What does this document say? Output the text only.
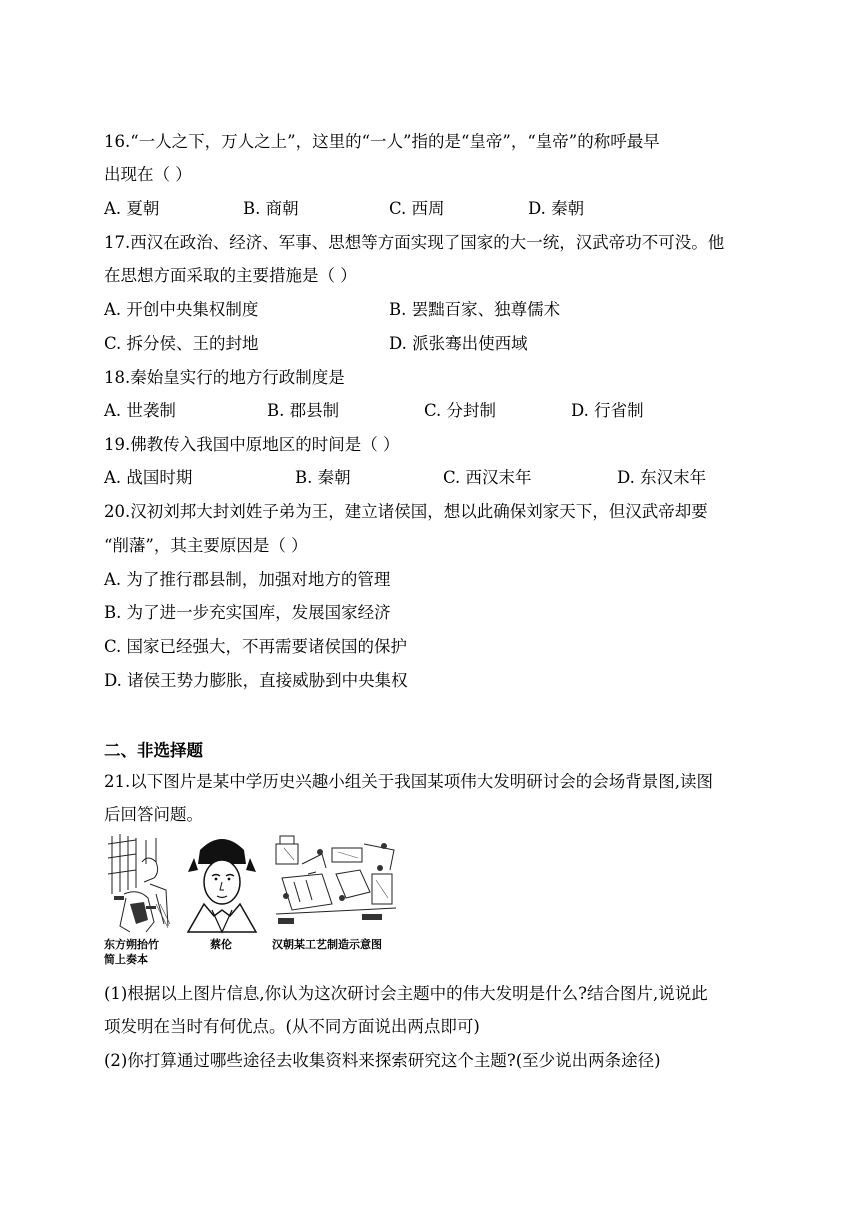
16.“一人之下，万人之上”，这里的“一人”指的是“皇帝”，“皇帝”的称呼最早
出现在（ ）
A. 夏朝	B. 商朝	C. 西周	D. 秦朝
17.西汉在政治、经济、军事、思想等方面实现了国家的大一统，汉武帝功不可没。他
在思想方面采取的主要措施是（ ）
A. 开创中央集权制度	B. 罢黜百家、独尊儒术
C. 拆分侯、王的封地	D. 派张骞出使西域
18.秦始皇实行的地方行政制度是
A. 世袭制	B. 郡县制	C. 分封制	D. 行省制
19.佛教传入我国中原地区的时间是（ ）
A. 战国时期	B. 秦朝	C. 西汉末年	D. 东汉末年
20.汉初刘邦大封刘姓子弟为王，建立诸侯国，想以此确保刘家天下，但汉武帝却要
“削藩”，其主要原因是（ ）
A. 为了推行郡县制，加强对地方的管理
B. 为了进一步充实国库，发展国家经济
C. 国家已经强大，不再需要诸侯国的保护
D. 诸侯王势力膨胀，直接威胁到中央集权
二、非选择题
21.以下图片是某中学历史兴趣小组关于我国某项伟大发明研讨会的会场背景图,读图
后回答问题。
东方朔抬竹
简上奏本
蔡伦	汉朝某工艺制造示意图
(1)根据以上图片信息,你认为这次研讨会主题中的伟大发明是什么?结合图片,说说此
项发明在当时有何优点。(从不同方面说出两点即可)
(2)你打算通过哪些途径去收集资料来探索研究这个主题?(至少说出两条途径)
